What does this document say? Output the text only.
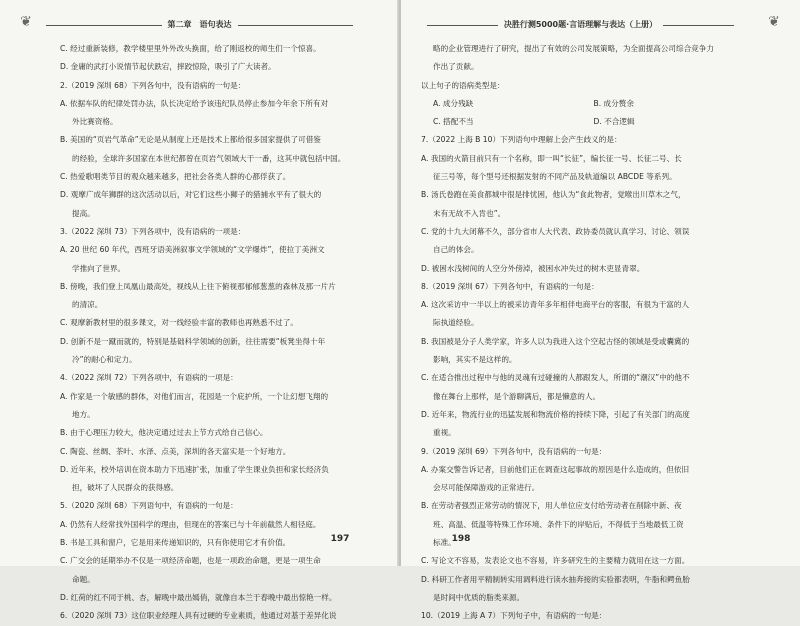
❦	第二章　语句表达

C. 经过重新装修，教学楼里里外外改头换面，给了刚返校的师生们一个惊喜。

D. 金庸的武打小说情节起伏跌宕，摔跤惊险，吸引了广大读者。

2.（2019 深圳 68）下列各句中，没有语病的一句是：

A. 依据车队的纪律处罚办法，队长决定给予该违纪队员停止参加今年余下所有对

外比赛资格。

B. 美国的“页岩气革命”无论是从制度上还是技术上都给很多国家提供了可借鉴

的经验，全球许多国家在本世纪都曾在页岩气领域大干一番，这其中就包括中国。

C. 热爱歌唱类节目的观众越来越多，把社会各类人群的心都俘获了。

D. 观摩广成年狮群的这次活动以后，对它们这些小狮子的猎捕水平有了很大的

提高。

3.（2022 深圳 73）下列各项中，没有语病的一项是：

A. 20 世纪 60 年代，西班牙语美洲叙事文学领域的“文学爆炸”，使拉丁美洲文

学推向了世界。

B. 傍晚，我们登上凤凰山最高处，视线从上往下俯视那郁郁葱葱的森林及那一片片

的清凉。

C. 观摩新教材里的很多课文，对一线经验丰富的教师也再熟悉不过了。

D. 创新不是一蹴而就的，特别是基础科学领域的创新，往往需要“板凳坐得十年

冷”的耐心和定力。

4.（2022 深圳 72）下列各项中，有语病的一项是：

A. 作家是一个敏感的群体，对他们而言，花园是一个庇护所，一个让幻想飞翔的

地方。

B. 由于心理压力较大，他决定通过过去上节方式给自己信心。

C. 陶瓷、丝绸、茶叶、水泽、点美，深圳的各天富实是一个好地方。

D. 近年来，校外培训在资本助力下迅速扩张，加重了学生课业负担和家长经济负

担，破坏了人民群众的获得感。

5.（2020 深圳 68）下列语句中，有语病的一句是：

A. 仍然有人经常找外国科学的理由，但现在的答案已与十年前截然人相径庭。

B. 书是工具和窗户，它是用来传递知识的，只有你使用它才有价值。

C. 广交会的延期举办不仅是一项经济命题，也是一项政治命题，更是一项生命

命题。

D. 红荷的红不同于桃、杏，解晚中最出嫣俏，就像自本兰于春晚中最出惊艳一样。

6.（2020 深圳 73）这位职业经理人具有过硬的专业素质，他通过对基于差异化说

197
❦
决胜行测5000题·言语理解与表达（上册）

略的企业管理进行了研究，提出了有效的公司发展策略，为全面提高公司综合竞争力

作出了贡献。

以上句子的语病类型是：

A. 成分残缺	B. 成分赘余

C. 搭配不当	D. 不合逻辑

7.（2022 上海 B 10）下列语句中理解上会产生歧义的是：

A. 我国的火箭目前只有一个名称，即一叫“长征”，编长征一号、长征二号、长

征三号等，每个型号还根据发射的不同产品及轨道编以 ABCDE 等系列。

B. 汤氏卷跑在美食都城中很是排忧困，他认为“食此物者，觉喉出川草木之气，

未有无故不入肯也”。

C. 党的十九大闭幕不久，部分省市人大代表、政协委员就认真学习、讨论、领误

自己的体会。

D. 被困水浅树间的人空分外傍淖，被困水冲失过的树木吏显青翠。

8.（2019 深圳 67）下列各句中，有语病的一句是：

A. 这次采访中一半以上的被采访青年多年相伴电商平台的客服，有很为干富的人

际执道经验。

B. 我国被是分子人类学家，许多人以为我进入这个空起古怪的领域是受或囊冀的

影响，其实不是这样的。

C. 在适合推出过程中与他的灵魂有过碰撞的人都跟发人，所谓的“潮汉”中的他不

像在舞台上那样，是个游聊满后，都是懒意的人。

D. 近年来，物流行业的迅猛发展和物流价格的持续下降，引起了有关部门的高度

重视。

9.（2019 深圳 69）下列各句中，没有语病的一句是：

A. 办案交警告诉记者，目前他们正在调查这起事故的原因是什么造成的，但依旧

会尽可能保障游戏的正常进行。

B. 在劳动者强烈正常劳动的情况下，用人单位应支付给劳动者在削除中新、夜

班、高温、低温等特殊工作环境、条件下的岸贴后，不得低于当地最低工资

标准。

C. 写论文不容易，发表论文也不容易，许多研究生的主要精力就用在这一方面。

D. 科研工作者用平精制转实用调料进行读水抽奔接的实验都表明，牛脂和鳄鱼胎

是时间中优质的脂类来源。

10.（2019 上海 A 7）下列句子中，有语病的一句是：

198
